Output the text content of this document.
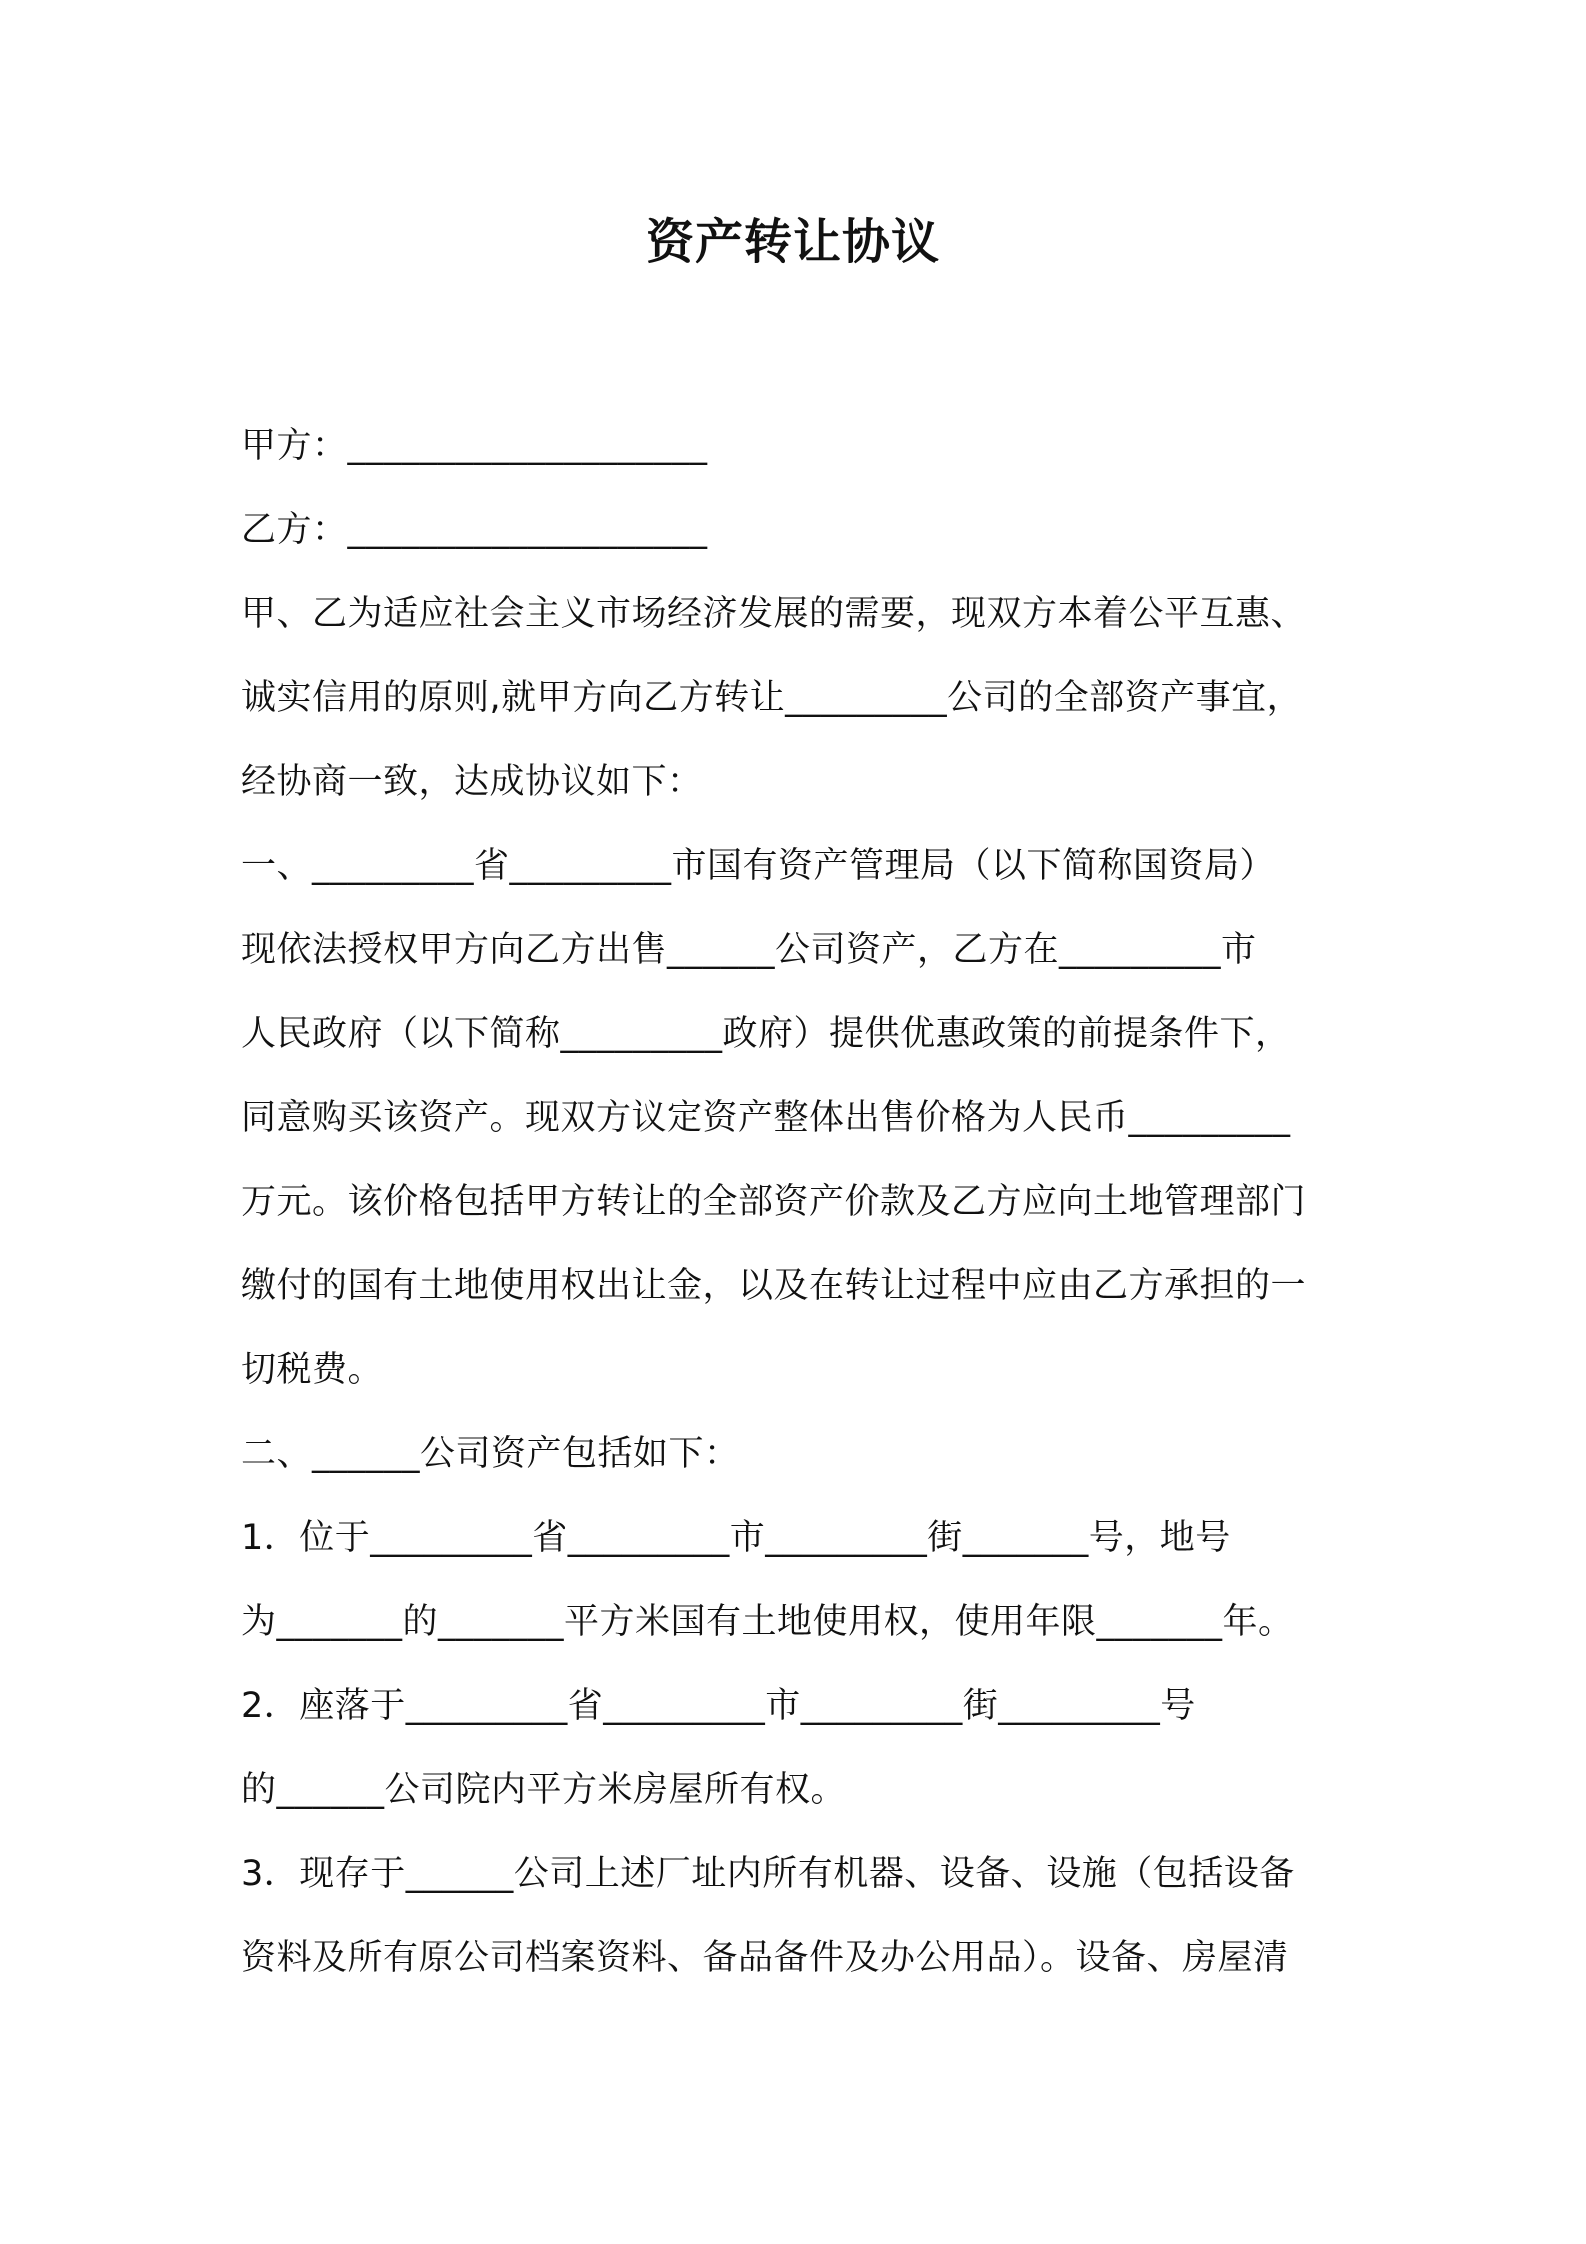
资产转让协议
甲方：____________________
乙方：____________________
甲、乙为适应社会主义市场经济发展的需要，现双方本着公平互惠、
诚实信用的原则,就甲方向乙方转让_________公司的全部资产事宜，
经协商一致，达成协议如下：
一、_________省_________市国有资产管理局（以下简称国资局）
现依法授权甲方向乙方出售______公司资产，乙方在_________市
人民政府（以下简称_________政府）提供优惠政策的前提条件下，
同意购买该资产。现双方议定资产整体出售价格为人民币_________
万元。该价格包括甲方转让的全部资产价款及乙方应向土地管理部门
缴付的国有土地使用权出让金，以及在转让过程中应由乙方承担的一
切税费。
二、______公司资产包括如下：
1．位于_________省_________市_________街_______号，地号
为_______的_______平方米国有土地使用权，使用年限_______年。
2．座落于_________省_________市_________街_________号
的______公司院内平方米房屋所有权。
3．现存于______公司上述厂址内所有机器、设备、设施（包括设备
资料及所有原公司档案资料、备品备件及办公用品）。设备、房屋清
